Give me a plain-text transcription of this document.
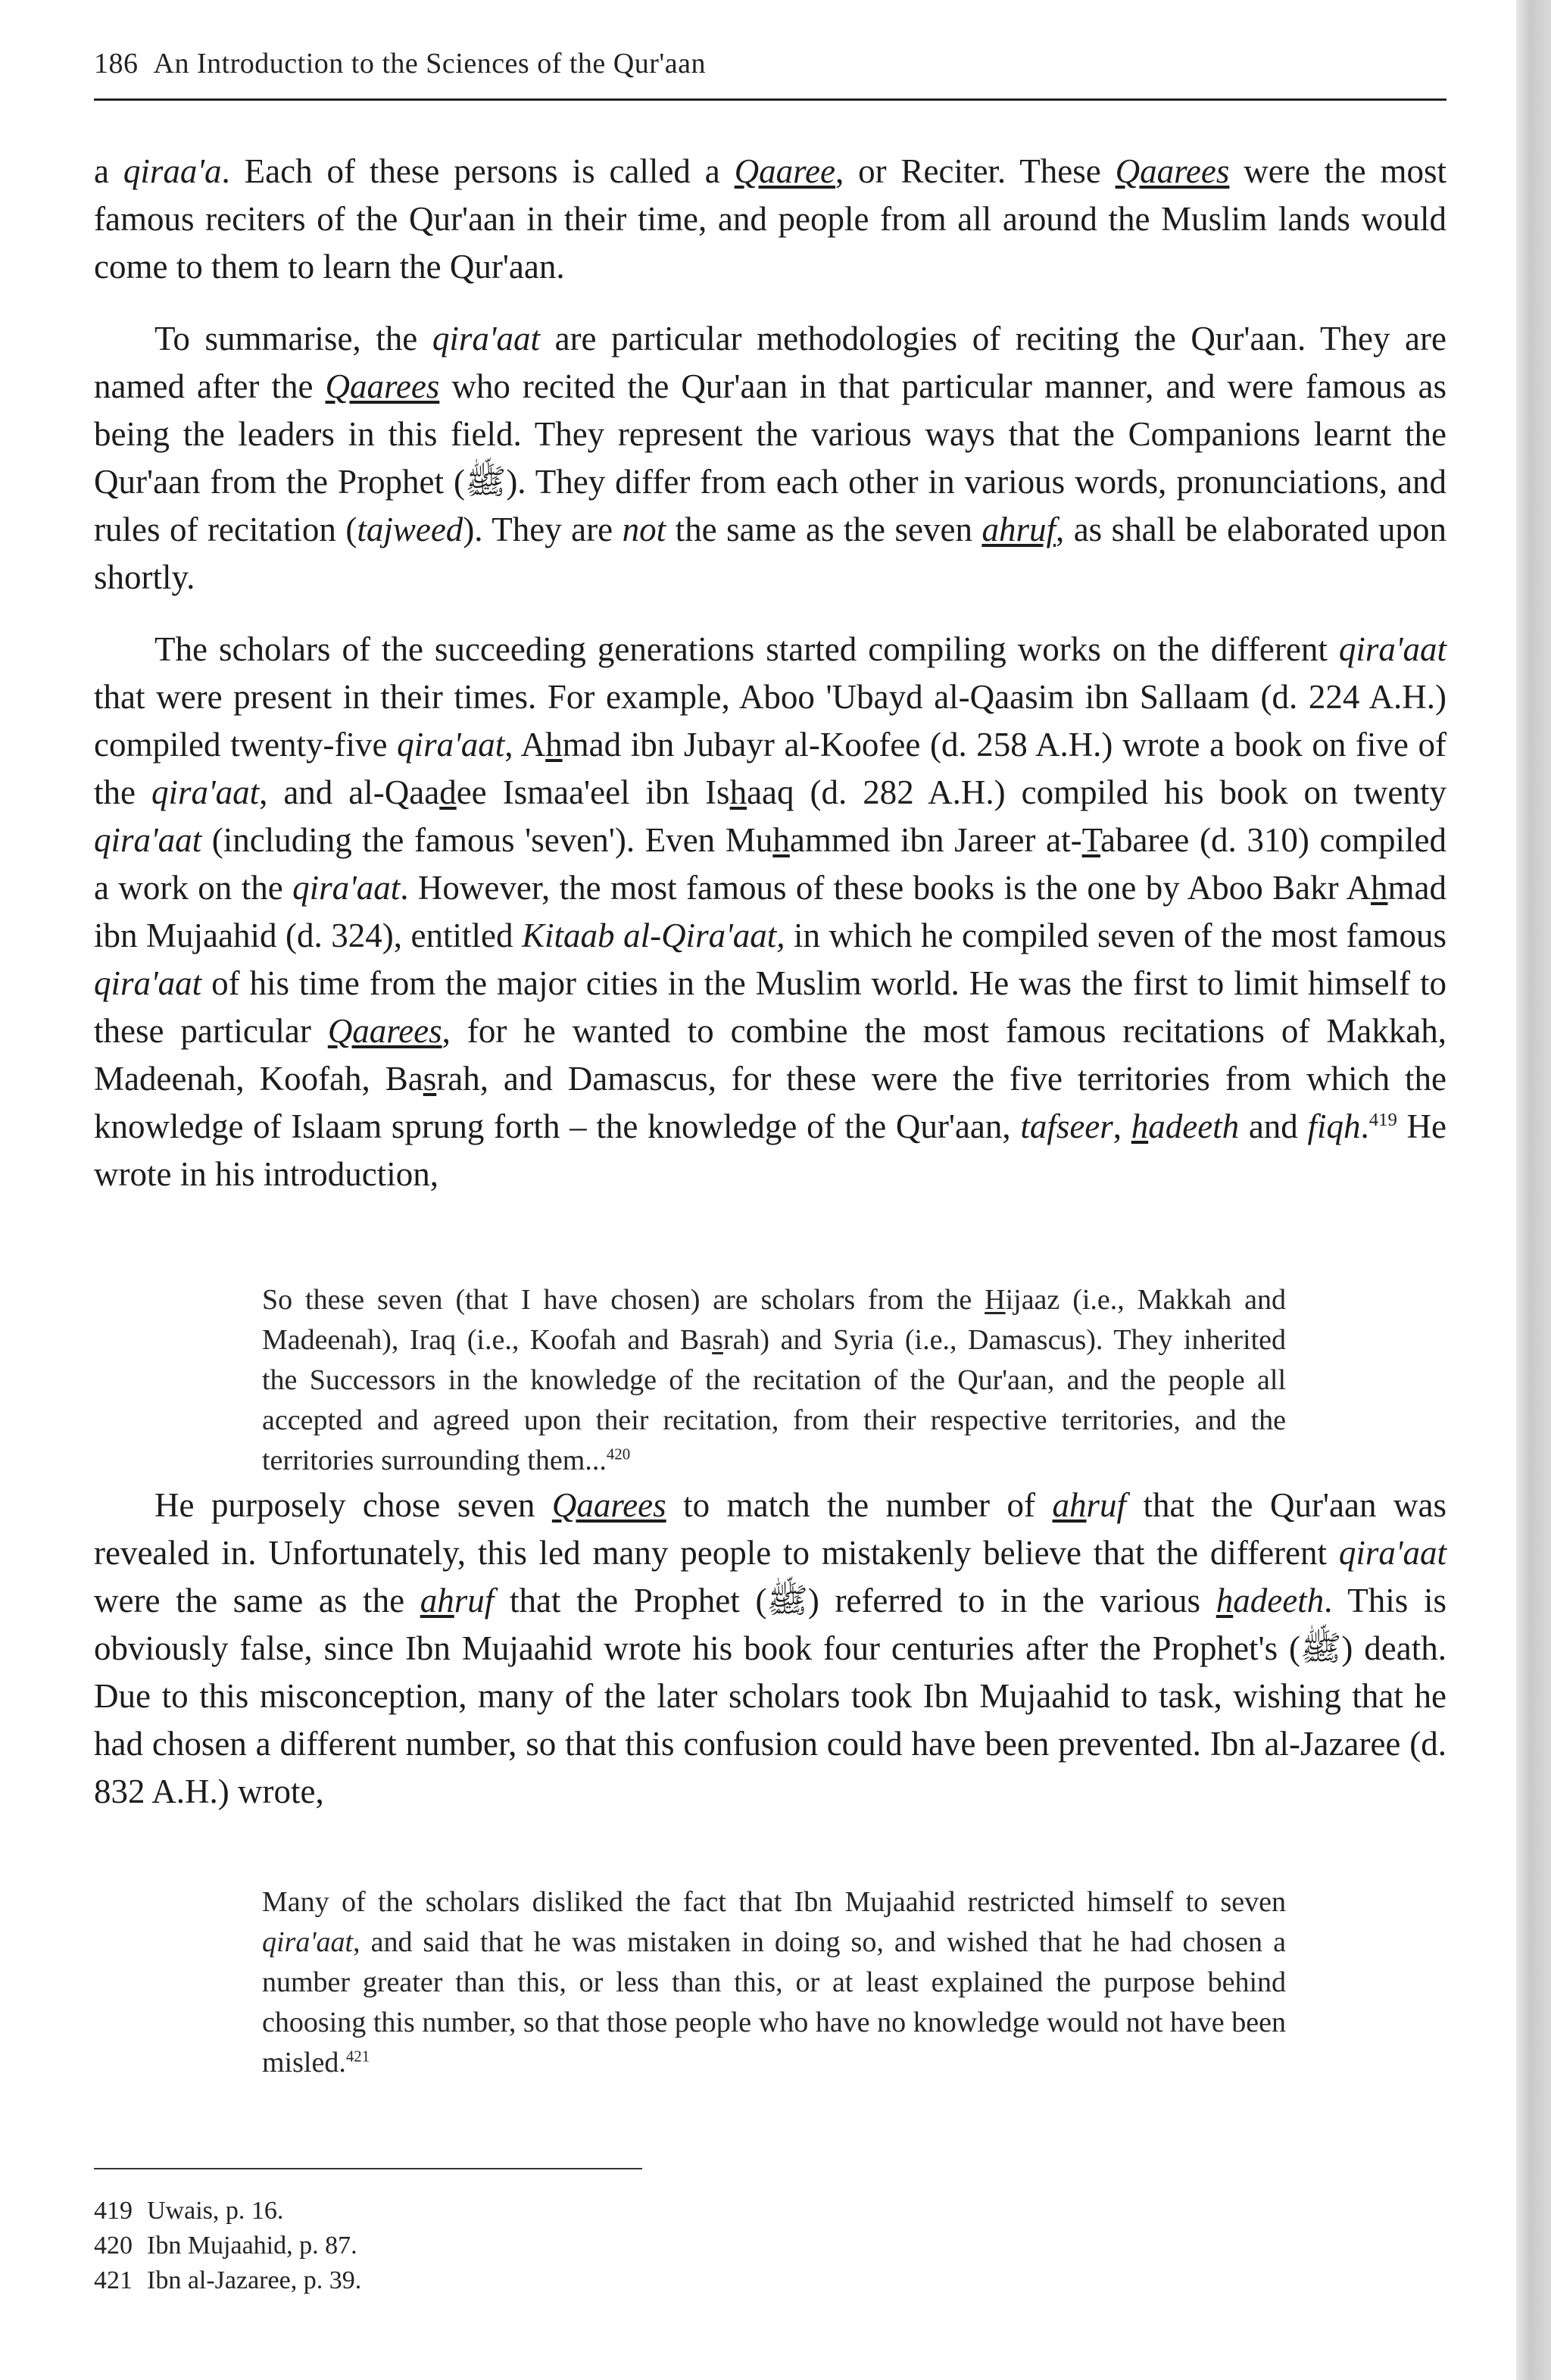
186 An Introduction to the Sciences of the Qur'aan

a qiraa'a. Each of these persons is called a Qaaree, or Reciter. These Qaarees were the most famous reciters of the Qur'aan in their time, and people from all around the Muslim lands would come to them to learn the Qur'aan.

To summarise, the qira'aat are particular methodologies of reciting the Qur'aan. They are named after the Qaarees who recited the Qur'aan in that particular manner, and were famous as being the leaders in this field. They represent the various ways that the Companions learnt the Qur'aan from the Prophet (ﷺ). They differ from each other in various words, pronunciations, and rules of recitation (tajweed). They are not the same as the seven ahruf, as shall be elaborated upon shortly.

The scholars of the succeeding generations started compiling works on the different qira'aat that were present in their times. For example, Aboo 'Ubayd al-Qaasim ibn Sallaam (d. 224 A.H.) compiled twenty-five qira'aat, Ahmad ibn Jubayr al-Koofee (d. 258 A.H.) wrote a book on five of the qira'aat, and al-Qaadee Ismaa'eel ibn Ishaaq (d. 282 A.H.) compiled his book on twenty qira'aat (including the famous 'seven'). Even Muhammed ibn Jareer at-Tabaree (d. 310) compiled a work on the qira'aat. However, the most famous of these books is the one by Aboo Bakr Ahmad ibn Mujaahid (d. 324), entitled Kitaab al-Qira'aat, in which he compiled seven of the most famous qira'aat of his time from the major cities in the Muslim world. He was the first to limit himself to these particular Qaarees, for he wanted to combine the most famous recitations of Makkah, Madeenah, Koofah, Basrah, and Damascus, for these were the five territories from which the knowledge of Islaam sprung forth – the knowledge of the Qur'aan, tafseer, hadeeth and fiqh.$^{419}$ He wrote in his introduction,

So these seven (that I have chosen) are scholars from the Hijaaz (i.e., Makkah and Madeenah), Iraq (i.e., Koofah and Basrah) and Syria (i.e., Damascus). They inherited the Successors in the knowledge of the recitation of the Qur'aan, and the people all accepted and agreed upon their recitation, from their respective territories, and the territories surrounding them...$^{420}$

He purposely chose seven Qaarees to match the number of ahruf that the Qur'aan was revealed in. Unfortunately, this led many people to mistakenly believe that the different qira'aat were the same as the ahruf that the Prophet (ﷺ) referred to in the various hadeeth. This is obviously false, since Ibn Mujaahid wrote his book four centuries after the Prophet's (ﷺ) death. Due to this misconception, many of the later scholars took Ibn Mujaahid to task, wishing that he had chosen a different number, so that this confusion could have been prevented. Ibn al-Jazaree (d. 832 A.H.) wrote,

Many of the scholars disliked the fact that Ibn Mujaahid restricted himself to seven qira'aat, and said that he was mistaken in doing so, and wished that he had chosen a number greater than this, or less than this, or at least explained the purpose behind choosing this number, so that those people who have no knowledge would not have been misled.$^{421}$

419 Uwais, p. 16.
420 Ibn Mujaahid, p. 87.
421 Ibn al-Jazaree, p. 39.
